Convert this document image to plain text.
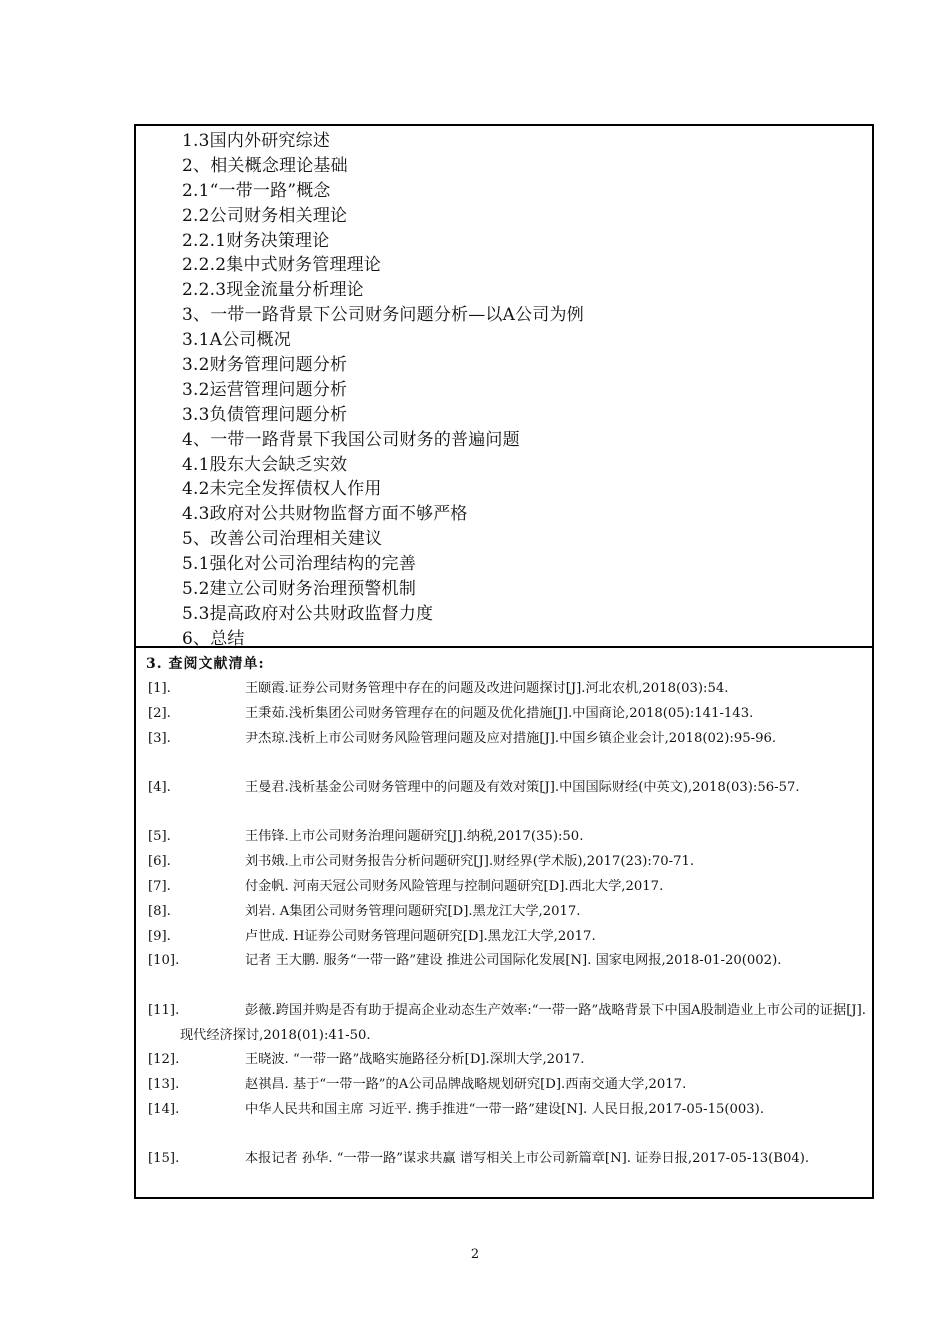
1.3国内外研究综述
2、相关概念理论基础
2.1“一带一路”概念
2.2公司财务相关理论
2.2.1财务决策理论
2.2.2集中式财务管理理论
2.2.3现金流量分析理论
3、一带一路背景下公司财务问题分析—以A公司为例
3.1A公司概况
3.2财务管理问题分析
3.2运营管理问题分析
3.3负债管理问题分析
4、一带一路背景下我国公司财务的普遍问题
4.1股东大会缺乏实效
4.2未完全发挥债权人作用
4.3政府对公共财物监督方面不够严格
5、改善公司治理相关建议
5.1强化对公司治理结构的完善
5.2建立公司财务治理预警机制
5.3提高政府对公共财政监督力度
6、总结
3. 查阅文献清单:
[1].	王颐霞.证券公司财务管理中存在的问题及改进问题探讨[J].河北农机,2018(03):54.
[2].	王秉茹.浅析集团公司财务管理存在的问题及优化措施[J].中国商论,2018(05):141-143.
[3].	尹杰琼.浅析上市公司财务风险管理问题及应对措施[J].中国乡镇企业会计,2018(02):95-96.
[4].	王曼君.浅析基金公司财务管理中的问题及有效对策[J].中国国际财经(中英文),2018(03):56-57.
[5].	王伟锋.上市公司财务治理问题研究[J].纳税,2017(35):50.
[6].	刘书娥.上市公司财务报告分析问题研究[J].财经界(学术版),2017(23):70-71.
[7].	付金帆. 河南天冠公司财务风险管理与控制问题研究[D].西北大学,2017.
[8].	刘岩. A集团公司财务管理问题研究[D].黑龙江大学,2017.
[9].	卢世成. H证券公司财务管理问题研究[D].黑龙江大学,2017.
[10].	记者 王大鹏. 服务“一带一路”建设 推进公司国际化发展[N]. 国家电网报,2018-01-20(002).
[11].	彭薇.跨国并购是否有助于提高企业动态生产效率:“一带一路”战略背景下中国A股制造业上市公司的证据[J].现代经济探讨,2018(01):41-50.
[12].	王晓波. “一带一路”战略实施路径分析[D].深圳大学,2017.
[13].	赵祺昌. 基于“一带一路”的A公司品牌战略规划研究[D].西南交通大学,2017.
[14].	中华人民共和国主席 习近平. 携手推进“一带一路”建设[N]. 人民日报,2017-05-15(003).
[15].	本报记者 孙华. “一带一路”谋求共赢 谱写相关上市公司新篇章[N]. 证券日报,2017-05-13(B04).
2
